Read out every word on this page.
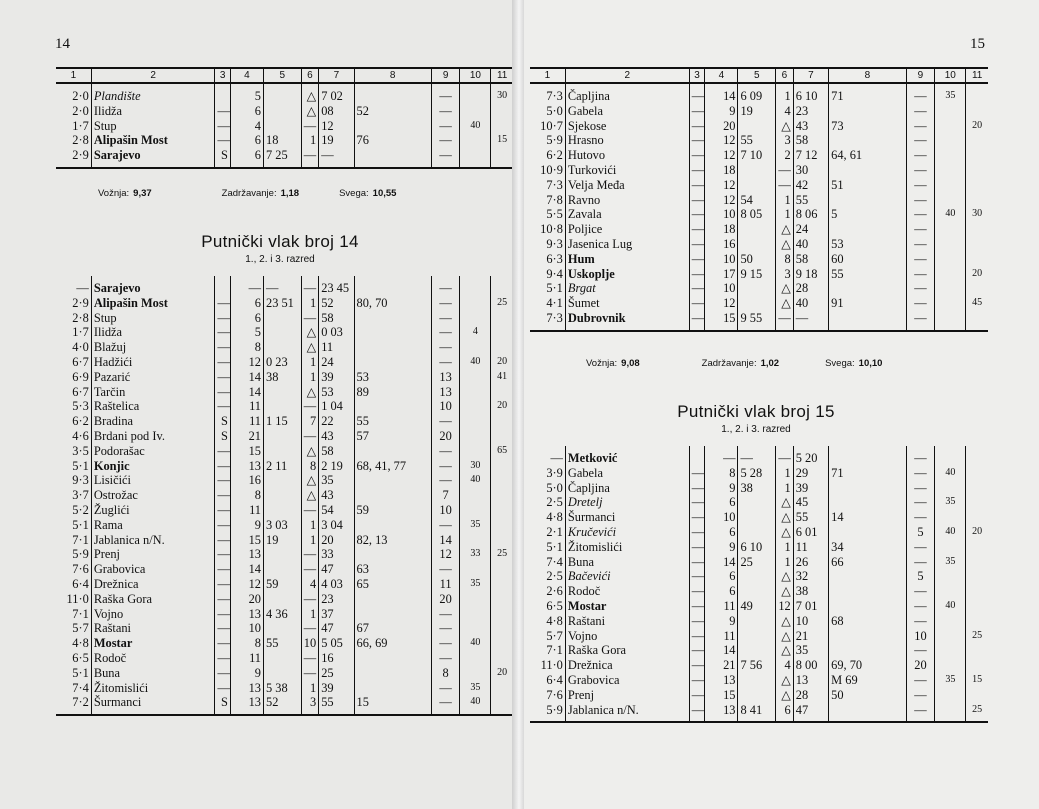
14
1	2	3	4	5	6	7	8	9	10	11
2·0	Plandište		5		△	7 02		—		30
2·0	Ilidža	—	6		△	08	52	—		
1·7	Stup	—	4		—	12		—	40	
2·8	Alipašin Most	—	6	18	1	19	76	—		15
2·9	Sarajevo	S	6	7 25	—	—		—		
Vožnja: 9,37	Zadržavanje: 1,18	Svega: 10,55
Putnički vlak broj 14
1., 2. i 3. razred
—	Sarajevo		—	—	—	23 45		—		
2·9	Alipašin Most	—	6	23 51	1	52	80, 70	—		25
2·8	Stup	—	6		—	58		—		
1·7	Ilidža	—	5		△	0 03		—	4	
4·0	Blažuj	—	8		△	11		—		
6·7	Hadžići	—	12	0 23	1	24		—	40	20
6·9	Pazarić	—	14	38	1	39	53	13		41
6·7	Tarčin	—	14		△	53	89	13		
5·3	Raštelica	—	11		—	1 04		10		20
6·2	Bradina	S	11	1 15	7	22	55	—		
4·6	Brdani pod Iv.	S	21		—	43	57	20		
3·5	Podorašac	—	15		△	58		—		65
5·1	Konjic	—	13	2 11	8	2 19	68, 41, 77	—	30	
9·3	Lisičići	—	16		△	35		—	40	
3·7	Ostrožac	—	8		△	43		7		
5·2	Žuglići	—	11		—	54	59	10		
5·1	Rama	—	9	3 03	1	3 04		—	35	
7·1	Jablanica n/N.	—	15	19	1	20	82, 13	14		
5·9	Prenj	—	13		—	33		12	33	25
7·6	Grabovica	—	14		—	47	63	—		
6·4	Drežnica	—	12	59	4	4 03	65	11	35	
11·0	Raška Gora	—	20		—	23		20		
7·1	Vojno	—	13	4 36	1	37		—		
5·7	Raštani	—	10		—	47	67	—		
4·8	Mostar	—	8	55	10	5 05	66, 69	—	40	
6·5	Rodoč	—	11		—	16		—		
5·1	Buna	—	9		—	25		8		20
7·4	Žitomislići	—	13	5 38	1	39		—	35	
7·2	Šurmanci	S	13	52	3	55	15	—	40	
15
1	2	3	4	5	6	7	8	9	10	11
7·3	Čapljina	—	14	6 09	1	6 10	71	—	35	
5·0	Gabela	—	9	19	4	23		—		
10·7	Sjekose	—	20		△	43	73	—		20
5·9	Hrasno	—	12	55	3	58		—		
6·2	Hutovo	—	12	7 10	2	7 12	64, 61	—		
10·9	Turkovići	—	18		—	30		—		
7·3	Velja Međa	—	12		—	42	51	—		
7·8	Ravno	—	12	54	1	55		—		
5·5	Zavala	—	10	8 05	1	8 06	5	—	40	30
10·8	Poljice	—	18		△	24		—		
9·3	Jasenica Lug	—	16		△	40	53	—		
6·3	Hum	—	10	50	8	58	60	—		
9·4	Uskoplje	—	17	9 15	3	9 18	55	—		20
5·1	Brgat	—	10		△	28		—		
4·1	Šumet	—	12		△	40	91	—		45
7·3	Dubrovnik	—	15	9 55	—	—		—		
Vožnja: 9,08	Zadržavanje: 1,02	Svega: 10,10
Putnički vlak broj 15
1., 2. i 3. razred
—	Metković		—	—	—	5 20		—		
3·9	Gabela	—	8	5 28	1	29	71	—	40	
5·0	Čapljina	—	9	38	1	39		—		
2·5	Dretelj	—	6		△	45		—	35	
4·8	Šurmanci	—	10		△	55	14	—		
2·1	Kručevići	—	6		△	6 01		5	40	20
5·1	Žitomislići	—	9	6 10	1	11	34	—		
7·4	Buna	—	14	25	1	26	66	—	35	
2·5	Bačevići	—	6		△	32		5		
2·6	Rodoč	—	6		△	38		—		
6·5	Mostar	—	11	49	12	7 01		—	40	
4·8	Raštani	—	9		△	10	68	—		
5·7	Vojno	—	11		△	21		10		25
7·1	Raška Gora	—	14		△	35		—		
11·0	Drežnica	—	21	7 56	4	8 00	69, 70	20		
6·4	Grabovica	—	13		△	13	M 69	—	35	15
7·6	Prenj	—	15		△	28	50	—		
5·9	Jablanica n/N.	—	13	8 41	6	47		—		25
